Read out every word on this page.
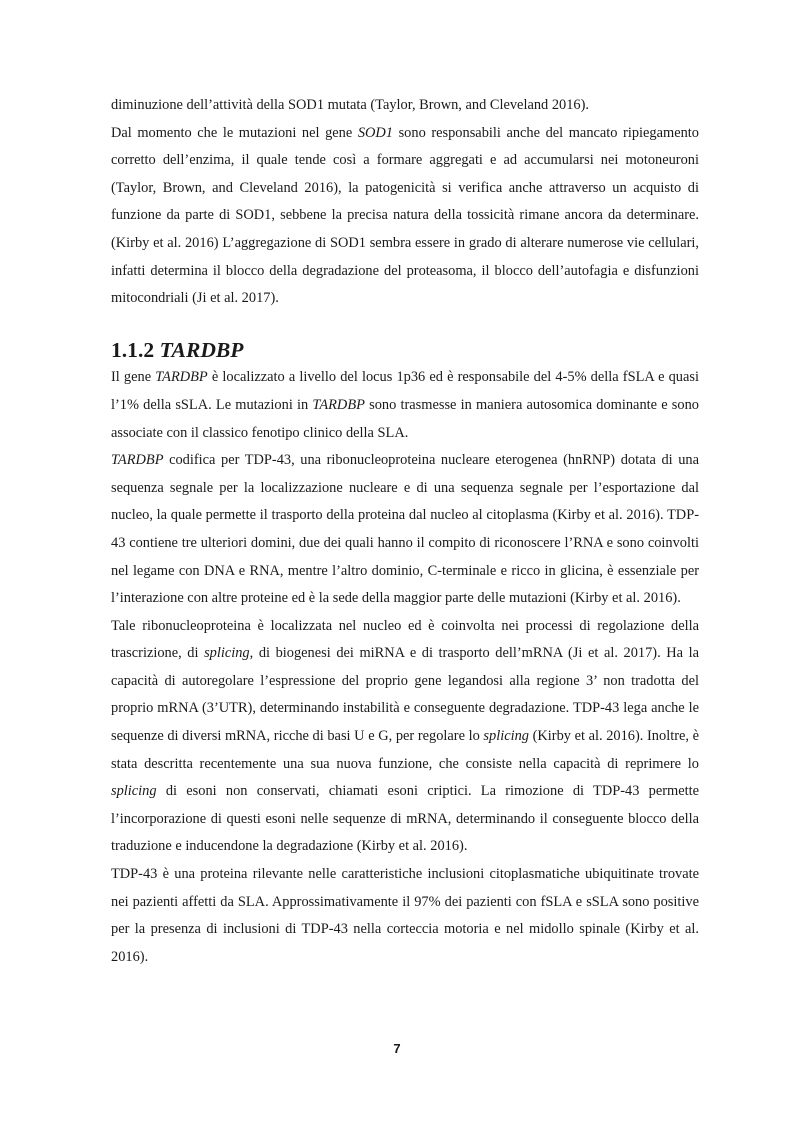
diminuzione dell’attività della SOD1 mutata (Taylor, Brown, and Cleveland 2016).

Dal momento che le mutazioni nel gene SOD1 sono responsabili anche del mancato ripiegamento corretto dell’enzima, il quale tende così a formare aggregati e ad accumularsi nei motoneuroni (Taylor, Brown, and Cleveland 2016), la patogenicità si verifica anche attraverso un acquisto di funzione da parte di SOD1, sebbene la precisa natura della tossicità rimane ancora da determinare. (Kirby et al. 2016) L’aggregazione di SOD1 sembra essere in grado di alterare numerose vie cellulari, infatti determina il blocco della degradazione del proteasoma, il blocco dell’autofagia e disfunzioni mitocondriali (Ji et al. 2017).

1.1.2 TARDBP

Il gene TARDBP è localizzato a livello del locus 1p36 ed è responsabile del 4-5% della fSLA e quasi l’1% della sSLA. Le mutazioni in TARDBP sono trasmesse in maniera autosomica dominante e sono associate con il classico fenotipo clinico della SLA.

TARDBP codifica per TDP-43, una ribonucleoproteina nucleare eterogenea (hnRNP) dotata di una sequenza segnale per la localizzazione nucleare e di una sequenza segnale per l’esportazione dal nucleo, la quale permette il trasporto della proteina dal nucleo al citoplasma (Kirby et al. 2016). TDP-43 contiene tre ulteriori domini, due dei quali hanno il compito di riconoscere l’RNA e sono coinvolti nel legame con DNA e RNA, mentre l’altro dominio, C-terminale e ricco in glicina, è essenziale per l’interazione con altre proteine ed è la sede della maggior parte delle mutazioni (Kirby et al. 2016).

Tale ribonucleoproteina è localizzata nel nucleo ed è coinvolta nei processi di regolazione della trascrizione, di splicing, di biogenesi dei miRNA e di trasporto dell’mRNA (Ji et al. 2017). Ha la capacità di autoregolare l’espressione del proprio gene legandosi alla regione 3’ non tradotta del proprio mRNA (3’UTR), determinando instabilità e conseguente degradazione. TDP-43 lega anche le sequenze di diversi mRNA, ricche di basi U e G, per regolare lo splicing (Kirby et al. 2016). Inoltre, è stata descritta recentemente una sua nuova funzione, che consiste nella capacità di reprimere lo splicing di esoni non conservati, chiamati esoni criptici. La rimozione di TDP-43 permette l’incorporazione di questi esoni nelle sequenze di mRNA, determinando il conseguente blocco della traduzione e inducendone la degradazione (Kirby et al. 2016).

TDP-43 è una proteina rilevante nelle caratteristiche inclusioni citoplasmatiche ubiquitinate trovate nei pazienti affetti da SLA. Approssimativamente il 97% dei pazienti con fSLA e sSLA sono positive per la presenza di inclusioni di TDP-43 nella corteccia motoria e nel midollo spinale (Kirby et al. 2016).

7
